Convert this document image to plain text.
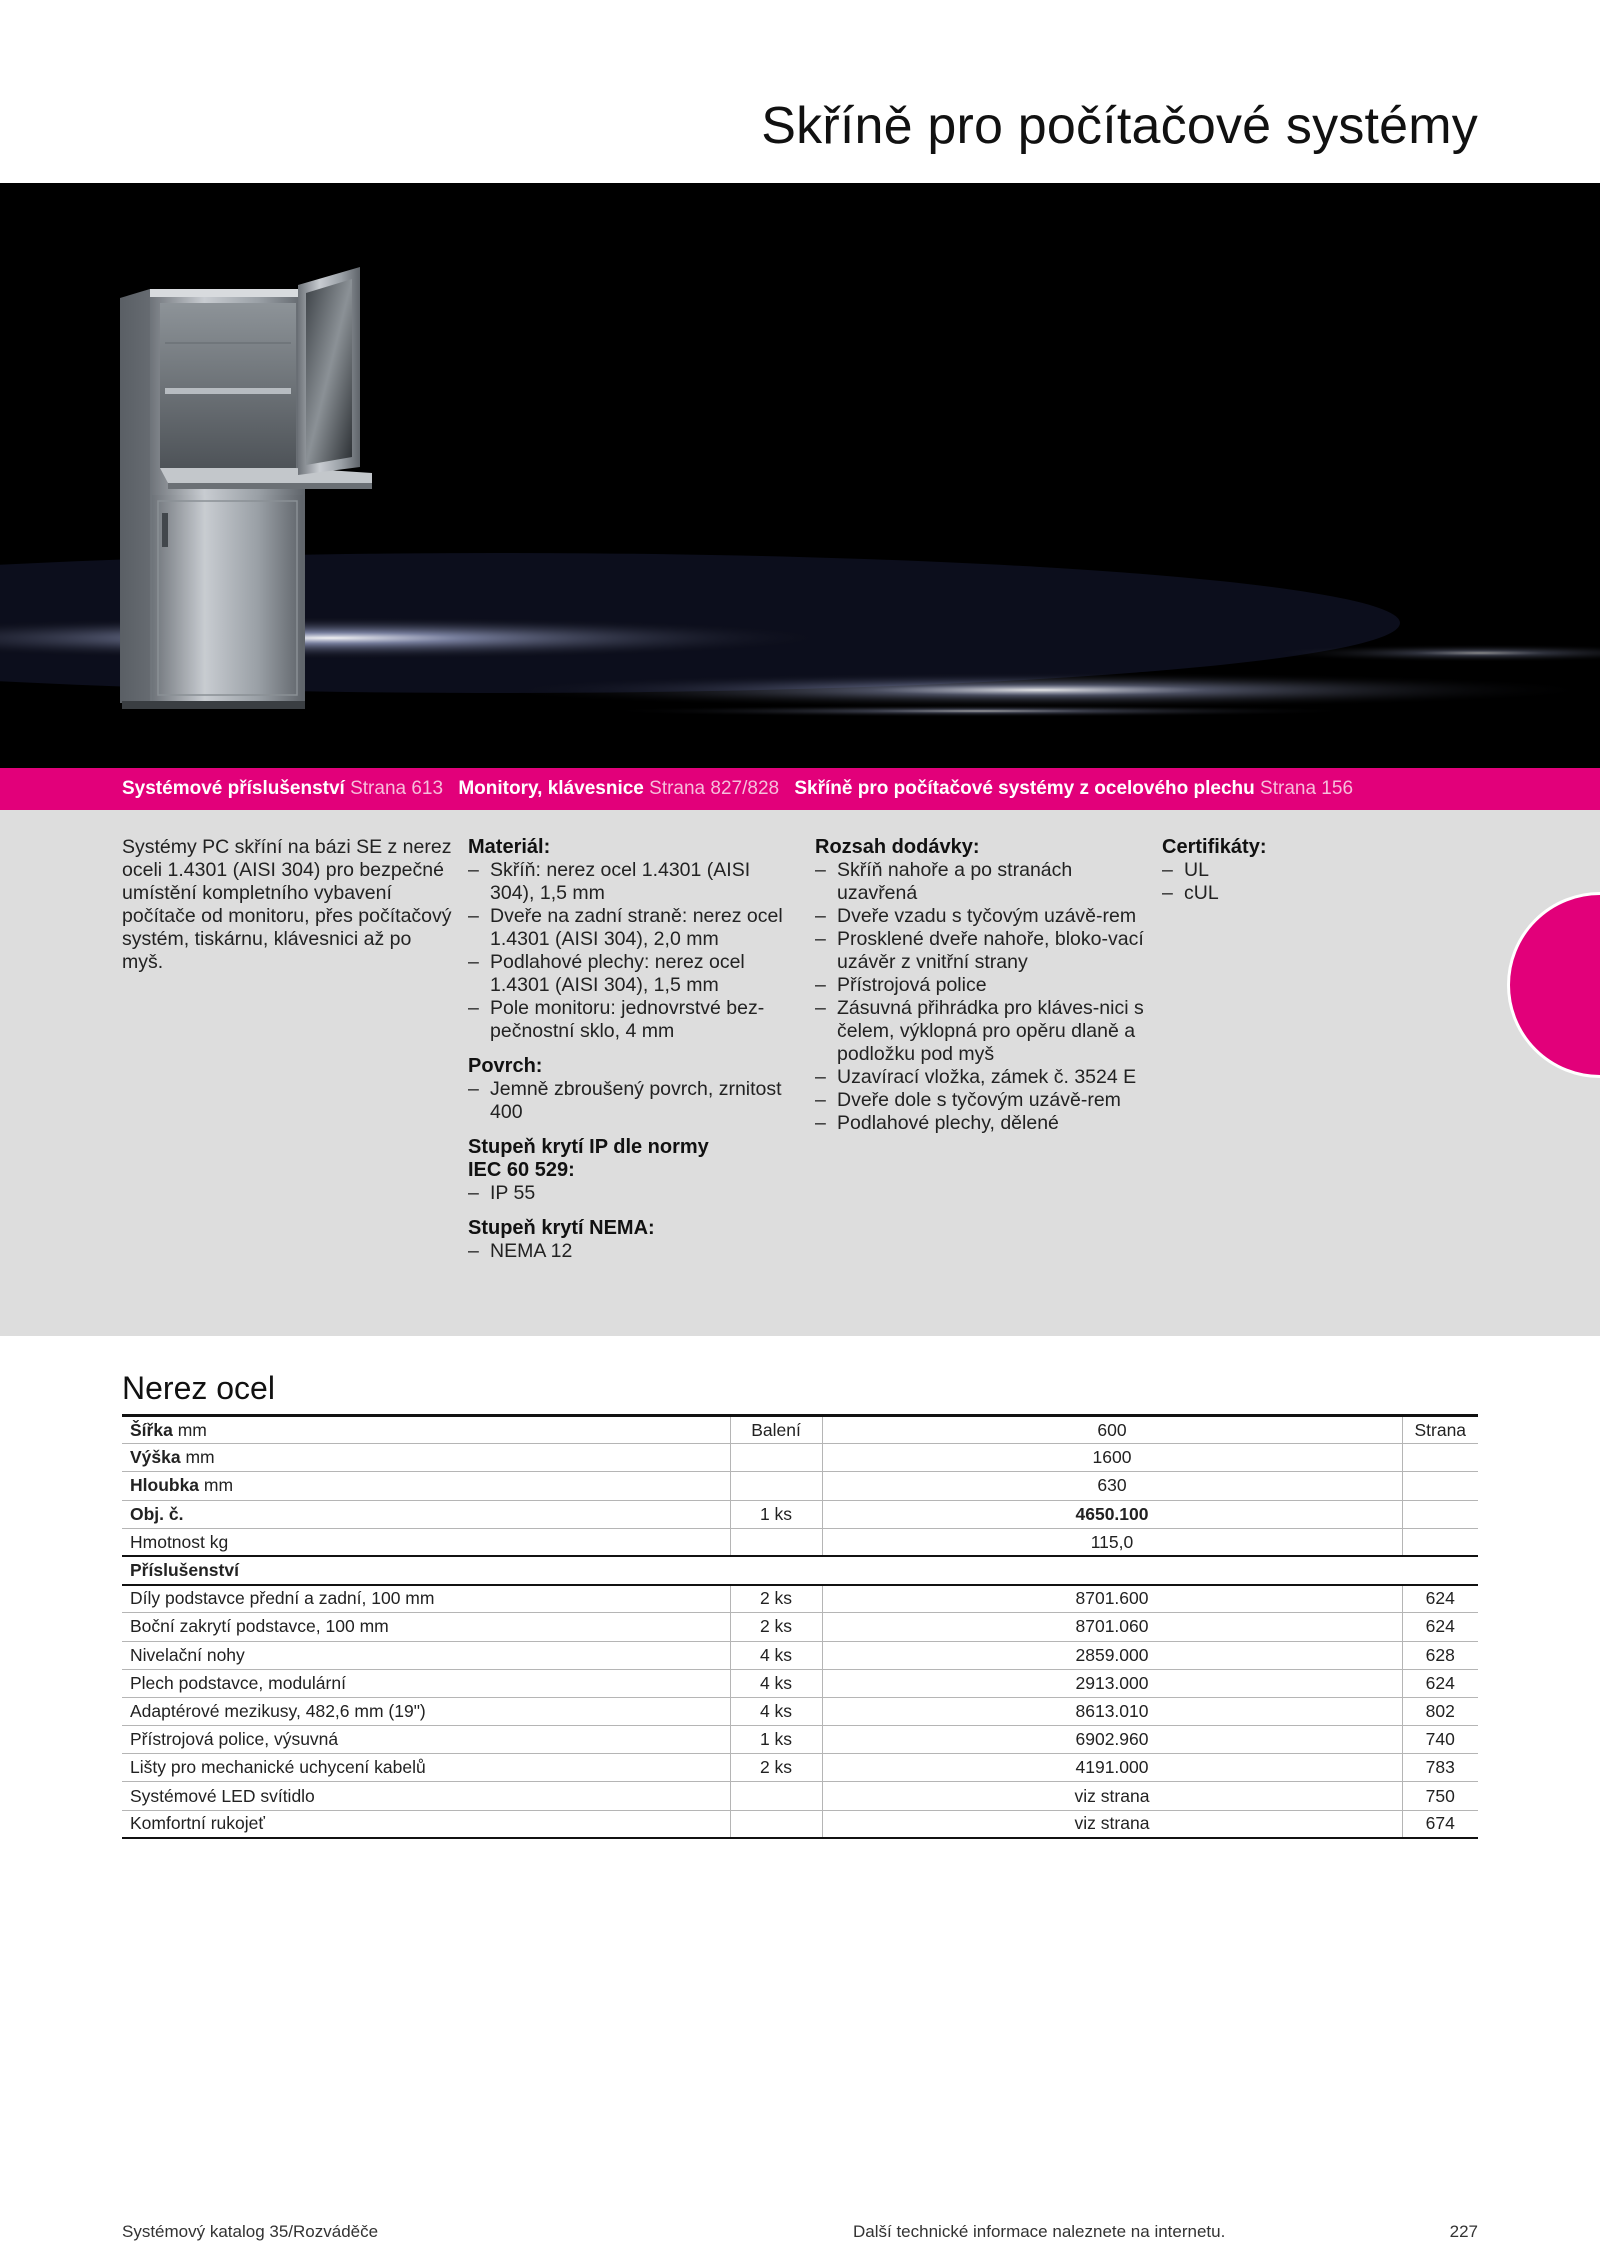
Skříně pro počítačové systémy
Systémové příslušenství Strana 613 Monitory, klávesnice Strana 827/828 Skříně pro počítačové systémy z ocelového plechu Strana 156

Systémy PC skříní na bázi SE z nerez oceli 1.4301 (AISI 304) pro bezpečné umístění kompletního vybavení počítače od monitoru, přes počítačový systém, tiskárnu, klávesnici až po myš.

Materiál:
– Skříň: nerez ocel 1.4301 (AISI 304), 1,5 mm
– Dveře na zadní straně: nerez ocel 1.4301 (AISI 304), 2,0 mm
– Podlahové plechy: nerez ocel 1.4301 (AISI 304), 1,5 mm
– Pole monitoru: jednovrstvé bez-pečnostní sklo, 4 mm
Povrch:
– Jemně zbroušený povrch, zrnitost 400
Stupeň krytí IP dle normy
IEC 60 529:
– IP 55
Stupeň krytí NEMA:
– NEMA 12
Rozsah dodávky:
– Skříň nahoře a po stranách uzavřená
– Dveře vzadu s tyčovým uzávě-rem
– Prosklené dveře nahoře, bloko-vací uzávěr z vnitřní strany
– Přístrojová police
– Zásuvná přihrádka pro kláves-nici s čelem, výklopná pro opěru dlaně a podložku pod myš
– Uzavírací vložka, zámek č. 3524 E
– Dveře dole s tyčovým uzávě-rem
– Podlahové plechy, dělené
Certifikáty:
– UL
– cUL
Nerez ocel
Šířka mm	Balení	600	Strana
Výška mm		1600	
Hloubka mm		630	
Obj. č.	1 ks	4650.100	
Hmotnost kg		115,0	
Příslušenství			
Díly podstavce přední a zadní, 100 mm	2 ks	8701.600	624
Boční zakrytí podstavce, 100 mm	2 ks	8701.060	624
Nivelační nohy	4 ks	2859.000	628
Plech podstavce, modulární	4 ks	2913.000	624
Adaptérové mezikusy, 482,6 mm (19")	4 ks	8613.010	802
Přístrojová police, výsuvná	1 ks	6902.960	740
Lišty pro mechanické uchycení kabelů	2 ks	4191.000	783
Systémové LED svítidlo		viz strana	750
Komfortní rukojeť		viz strana	674
Systémový katalog 35/Rozváděče	Další technické informace naleznete na internetu.	227
